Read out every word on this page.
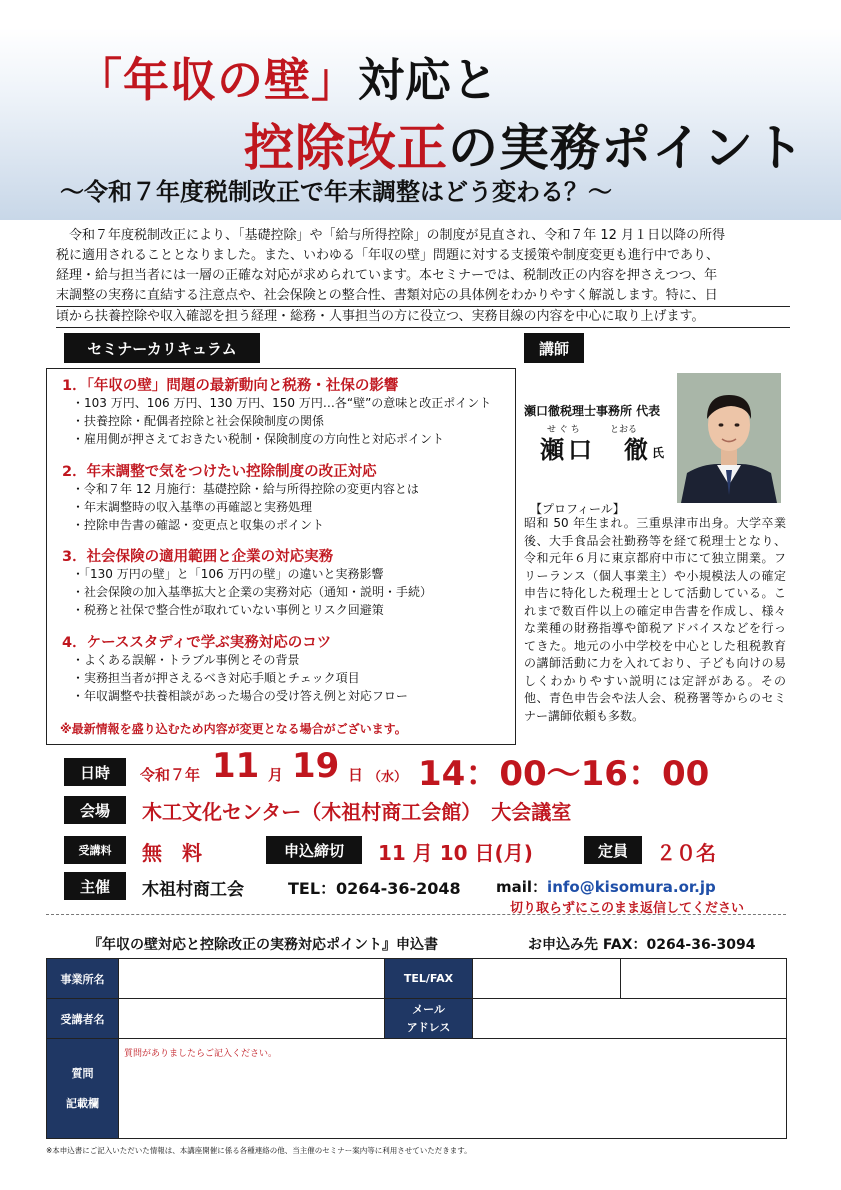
「年収の壁」対応と
控除改正の実務ポイント
～令和７年度税制改正で年末調整はどう変わる？～
令和７年度税制改正により、「基礎控除」や「給与所得控除」の制度が見直され、令和７年 12 月１日以降の所得
税に適用されることとなりました。また、いわゆる「年収の壁」問題に対する支援策や制度変更も進行中であり、
経理・給与担当者には一層の正確な対応が求められています。本セミナーでは、税制改正の内容を押さえつつ、年
末調整の実務に直結する注意点や、社会保険との整合性、書類対応の具体例をわかりやすく解説します。特に、日
頃から扶養控除や収入確認を担う経理・総務・人事担当の方に役立つ、実務目線の内容を中心に取り上げます。
セミナーカリキュラム
1．「年収の壁」問題の最新動向と税務・社保の影響
・103 万円、106 万円、130 万円、150 万円…各“壁”の意味と改正ポイント
・扶養控除・配偶者控除と社会保険制度の関係
・雇用側が押さえておきたい税制・保険制度の方向性と対応ポイント
2．年末調整で気をつけたい控除制度の改正対応
・令和７年 12 月施行：基礎控除・給与所得控除の変更内容とは
・年末調整時の収入基準の再確認と実務処理
・控除申告書の確認・変更点と収集のポイント
3．社会保険の適用範囲と企業の対応実務
・「130 万円の壁」と「106 万円の壁」の違いと実務影響
・社会保険の加入基準拡大と企業の実務対応（通知・説明・手続）
・税務と社保で整合性が取れていない事例とリスク回避策
4．ケーススタディで学ぶ実務対応のコツ
・よくある誤解・トラブル事例とその背景
・実務担当者が押さえるべき対応手順とチェック項目
・年収調整や扶養相談があった場合の受け答え例と対応フロー
※最新情報を盛り込むため内容が変更となる場合がございます。
講師
瀬口徹税理士事務所 代表
せ ぐ ち	とおる
瀬口　徹 氏
【プロフィール】
昭和 50 年生まれ。三重県津市出身。大学卒業後、大手食品会社勤務等を経て税理士となり、令和元年６月に東京都府中市にて独立開業。フリーランス（個人事業主）や小規模法人の確定申告に特化した税理士として活動している。これまで数百件以上の確定申告書を作成し、様々な業種の財務指導や節税アドバイスなどを行ってきた。地元の小中学校を中心とした租税教育の講師活動に力を入れており、子ども向けの易しくわかりやすい説明には定評がある。その他、青色申告会や法人会、税務署等からのセミナー講師依頼も多数。
日時	令和７年 11 月 19 日 （水） 14：00～16：00
会場	木工文化センター（木祖村商工会館）　大会議室
受講料	無　料	申込締切	11 月 10 日(月)	定員	２０名
主催	木祖村商工会	TEL：0264-36-2048 mail：info@kisomura.or.jp
切り取らずにこのまま返信してください
『年収の壁対応と控除改正の実務対応ポイント』申込書	お申込み先 FAX：0264-36-3094
事業所名		TEL/FAX		
受講者名		メール
アドレス		

質問
記載欄				

質問がありましたらご記入ください。
※本申込書にご記入いただいた情報は、本講座開催に係る各種連絡の他、当主催のセミナー案内等に利用させていただきます。
